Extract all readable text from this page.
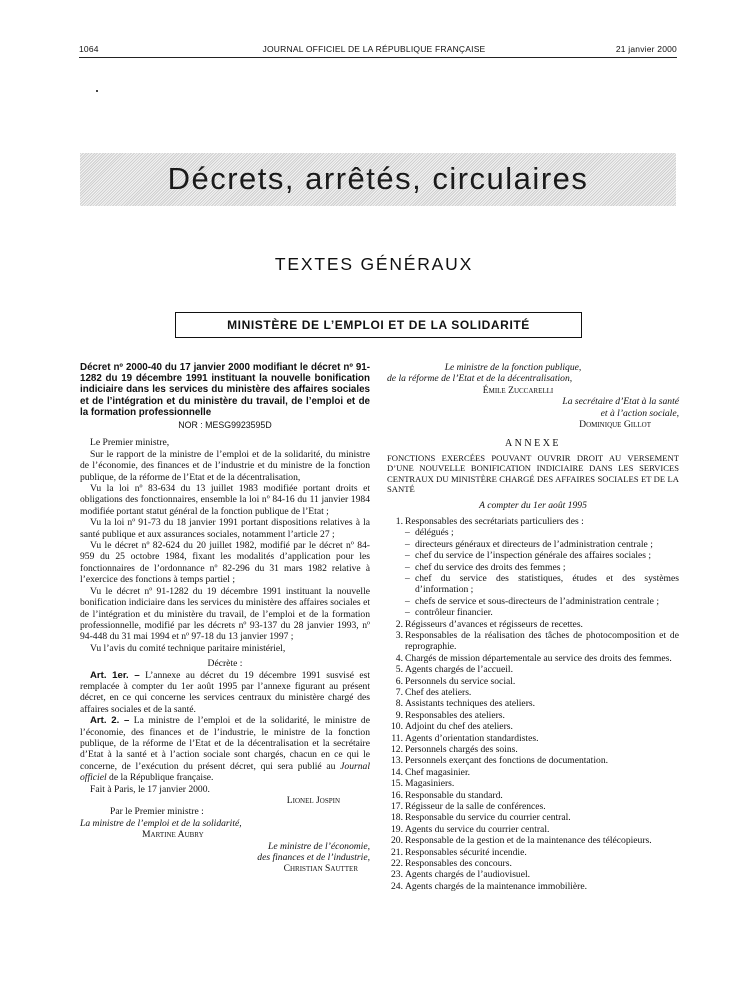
1064	JOURNAL OFFICIEL DE LA RÉPUBLIQUE FRANÇAISE	21 janvier 2000
Décrets, arrêtés, circulaires
TEXTES GÉNÉRAUX
MINISTÈRE DE L’EMPLOI ET DE LA SOLIDARITÉ
Décret nº 2000-40 du 17 janvier 2000 modifiant le décret nº 91-1282 du 19 décembre 1991 instituant la nouvelle bonification indiciaire dans les services du ministère des affaires sociales et de l’intégration et du ministère du travail, de l’emploi et de la formation professionnelle
NOR : MESG9923595D

Le Premier ministre,

Sur le rapport de la ministre de l’emploi et de la solidarité, du ministre de l’économie, des finances et de l’industrie et du ministre de la fonction publique, de la réforme de l’Etat et de la décentralisation,

Vu la loi nº 83-634 du 13 juillet 1983 modifiée portant droits et obligations des fonctionnaires, ensemble la loi nº 84-16 du 11 janvier 1984 modifiée portant statut général de la fonction publique de l’Etat ;

Vu la loi nº 91-73 du 18 janvier 1991 portant dispositions relatives à la santé publique et aux assurances sociales, notamment l’article 27 ;

Vu le décret nº 82-624 du 20 juillet 1982, modifié par le décret nº 84-959 du 25 octobre 1984, fixant les modalités d’application pour les fonctionnaires de l’ordonnance nº 82-296 du 31 mars 1982 relative à l’exercice des fonctions à temps partiel ;

Vu le décret nº 91-1282 du 19 décembre 1991 instituant la nouvelle bonification indiciaire dans les services du ministère des affaires sociales et de l’intégration et du ministère du travail, de l’emploi et de la formation professionnelle, modifié par les décrets nº 93-137 du 28 janvier 1993, nº 94-448 du 31 mai 1994 et nº 97-18 du 13 janvier 1997 ;

Vu l’avis du comité technique paritaire ministériel,

Décrète :

Art. 1er. – L’annexe au décret du 19 décembre 1991 susvisé est remplacée à compter du 1er août 1995 par l’annexe figurant au présent décret, en ce qui concerne les services centraux du ministère chargé des affaires sociales et de la santé.

Art. 2. – La ministre de l’emploi et de la solidarité, le ministre de l’économie, des finances et de l’industrie, le ministre de la fonction publique, de la réforme de l’Etat et de la décentralisation et la secrétaire d’Etat à la santé et à l’action sociale sont chargés, chacun en ce qui le concerne, de l’exécution du présent décret, qui sera publié au Journal officiel de la République française.

Fait à Paris, le 17 janvier 2000.

Lionel Jospin

Par le Premier ministre :

La ministre de l’emploi et de la solidarité,

Martine Aubry

Le ministre de l’économie,

des finances et de l’industrie,

Christian Sautter

Le ministre de la fonction publique,

de la réforme de l’Etat et de la décentralisation,

Émile Zuccarelli

La secrétaire d’Etat à la santé

et à l’action sociale,

Dominique Gillot

ANNEXE
FONCTIONS EXERCÉES POUVANT OUVRIR DROIT AU VERSEMENT D’UNE NOUVELLE BONIFICATION INDICIAIRE DANS LES SERVICES CENTRAUX DU MINISTÈRE CHARGÉ DES AFFAIRES SOCIALES ET DE LA SANTÉ
A compter du 1er août 1995
1. Responsables des secrétariats particuliers des :
– délégués ;
– directeurs généraux et directeurs de l’administration centrale ;
– chef du service de l’inspection générale des affaires sociales ;
– chef du service des droits des femmes ;
– chef du service des statistiques, études et des systèmes d’information ;
– chefs de service et sous-directeurs de l’administration centrale ;
– contrôleur financier.
2. Régisseurs d’avances et régisseurs de recettes.
3. Responsables de la réalisation des tâches de photocomposition et de reprographie.
4. Chargés de mission départementale au service des droits des femmes.
5. Agents chargés de l’accueil.
6. Personnels du service social.
7. Chef des ateliers.
8. Assistants techniques des ateliers.
9. Responsables des ateliers.
10. Adjoint du chef des ateliers.
11. Agents d’orientation standardistes.
12. Personnels chargés des soins.
13. Personnels exerçant des fonctions de documentation.
14. Chef magasinier.
15. Magasiniers.
16. Responsable du standard.
17. Régisseur de la salle de conférences.
18. Responsable du service du courrier central.
19. Agents du service du courrier central.
20. Responsable de la gestion et de la maintenance des télécopieurs.
21. Responsables sécurité incendie.
22. Responsables des concours.
23. Agents chargés de l’audiovisuel.
24. Agents chargés de la maintenance immobilière.
